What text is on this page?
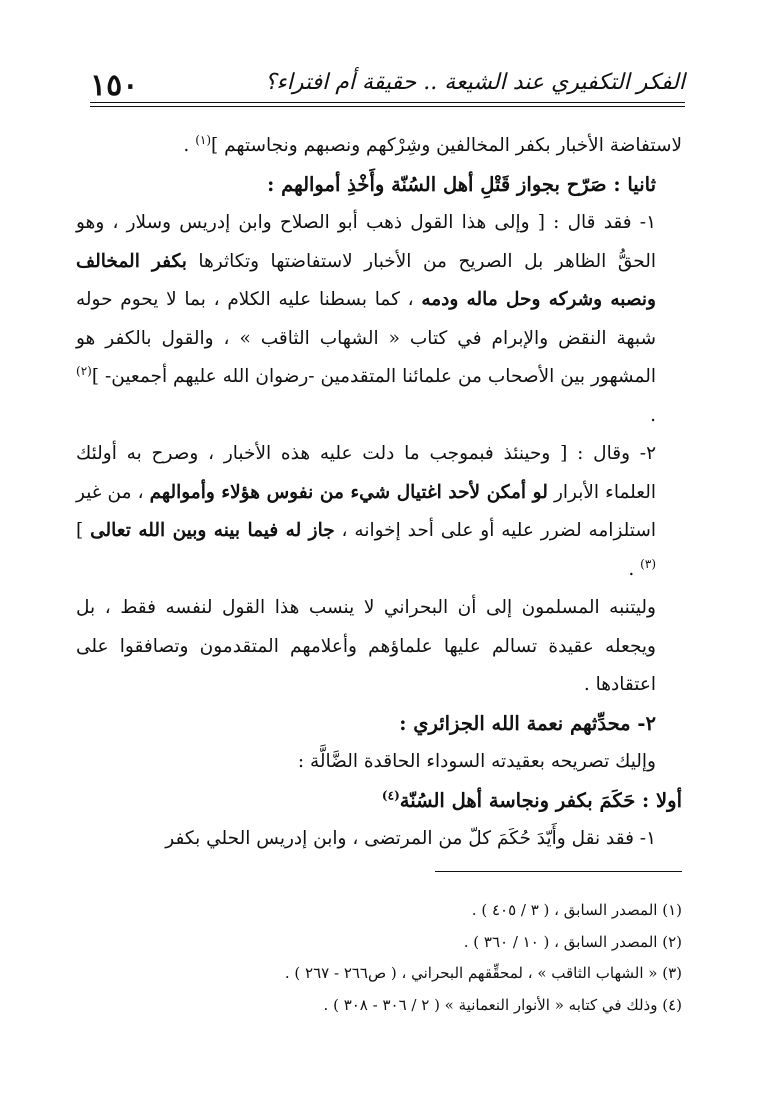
١٥٠	الفكر التكفيري عند الشيعة .. حقيقة أم افتراء؟

لاستفاضة الأخبار بكفر المخالفين وشِرْكهم ونصبهم ونجاستهم ]$^{(١)}$ .

ثانيا : صَرّح بجواز قَتْلِ أهل السُنّة وأَخْذِ أموالهم :

١- فقد قال : [ وإلى هذا القول ذهب أبو الصلاح وابن إدريس وسلار ، وهو الحقُّ الظاهر بل الصريح من الأخبار لاستفاضتها وتكاثرها بكفر المخالف ونصبه وشركه وحل ماله ودمه ، كما بسطنا عليه الكلام ، بما لا يحوم حوله شبهة النقض والإبرام في كتاب « الشهاب الثاقب » ، والقول بالكفر هو المشهور بين الأصحاب من علمائنا المتقدمين -رضوان الله عليهم أجمعين- ]$^{(٢)}$ .

٢- وقال : [ وحينئذ فبموجب ما دلت عليه هذه الأخبار ، وصرح به أولئك العلماء الأبرار لو أمكن لأحد اغتيال شيء من نفوس هؤلاء وأموالهم ، من غير استلزامه لضرر عليه أو على أحد إخوانه ، جاز له فيما بينه وبين الله تعالى ]$^{(٣)}$ .

وليتنبه المسلمون إلى أن البحراني لا ينسب هذا القول لنفسه فقط ، بل ويجعله عقيدة تسالم عليها علماؤهم وأعلامهم المتقدمون وتصافقوا على اعتقادها .

٢- محدِّثهم نعمة الله الجزائري :

وإليك تصريحه بعقيدته السوداء الحاقدة الضَّالَّة :

أولا : حَكَمَ بكفر ونجاسة أهل السُنّة$^{(٤)}$

١- فقد نقل وأَيّدَ حُكَمَ كلّ من المرتضى ، وابن إدريس الحلي بكفر

(١) المصدر السابق ، ( ٣ / ٤٠٥ ) .

(٢) المصدر السابق ، ( ١٠ / ٣٦٠ ) .

(٣) « الشهاب الثاقب » ، لمحقِّقهم البحراني ، ( ص٢٦٦ - ٢٦٧ ) .

(٤) وذلك في كتابه « الأنوار النعمانية » ( ٢ / ٣٠٦ - ٣٠٨ ) .
